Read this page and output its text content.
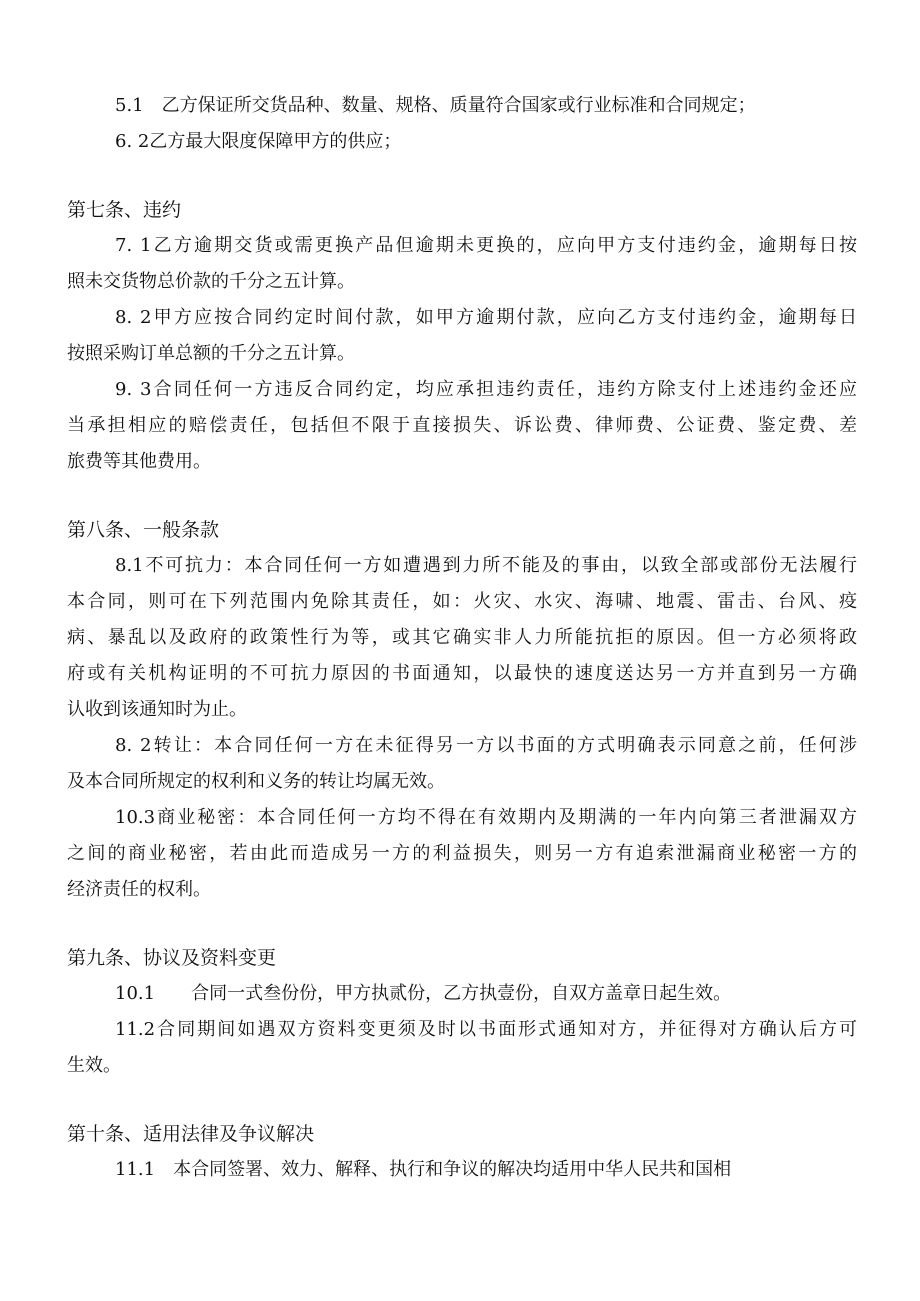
5.1　乙方保证所交货品种、数量、规格、质量符合国家或行业标准和合同规定；
6. 2乙方最大限度保障甲方的供应；
第七条、违约
7. 1乙方逾期交货或需更换产品但逾期未更换的，应向甲方支付违约金，逾期每日按
照未交货物总价款的千分之五计算。
8. 2甲方应按合同约定时间付款，如甲方逾期付款，应向乙方支付违约金，逾期每日
按照采购订单总额的千分之五计算。
9. 3合同任何一方违反合同约定，均应承担违约责任，违约方除支付上述违约金还应
当承担相应的赔偿责任，包括但不限于直接损失、诉讼费、律师费、公证费、鉴定费、差
旅费等其他费用。
第八条、一般条款
8.1不可抗力：本合同任何一方如遭遇到力所不能及的事由，以致全部或部份无法履行
本合同，则可在下列范围内免除其责任，如：火灾、水灾、海啸、地震、雷击、台风、疫
病、暴乱以及政府的政策性行为等，或其它确实非人力所能抗拒的原因。但一方必须将政
府或有关机构证明的不可抗力原因的书面通知，以最快的速度送达另一方并直到另一方确
认收到该通知时为止。
8. 2转让：本合同任何一方在未征得另一方以书面的方式明确表示同意之前，任何涉
及本合同所规定的权利和义务的转让均属无效。
10.3商业秘密：本合同任何一方均不得在有效期内及期满的一年内向第三者泄漏双方
之间的商业秘密，若由此而造成另一方的利益损失，则另一方有追索泄漏商业秘密一方的
经济责任的权利。
第九条、协议及资料变更
10.1　　合同一式叁份份，甲方执贰份，乙方执壹份，自双方盖章日起生效。
11.2合同期间如遇双方资料变更须及时以书面形式通知对方，并征得对方确认后方可
生效。
第十条、适用法律及争议解决
11.1　本合同签署、效力、解释、执行和争议的解决均适用中华人民共和国相
